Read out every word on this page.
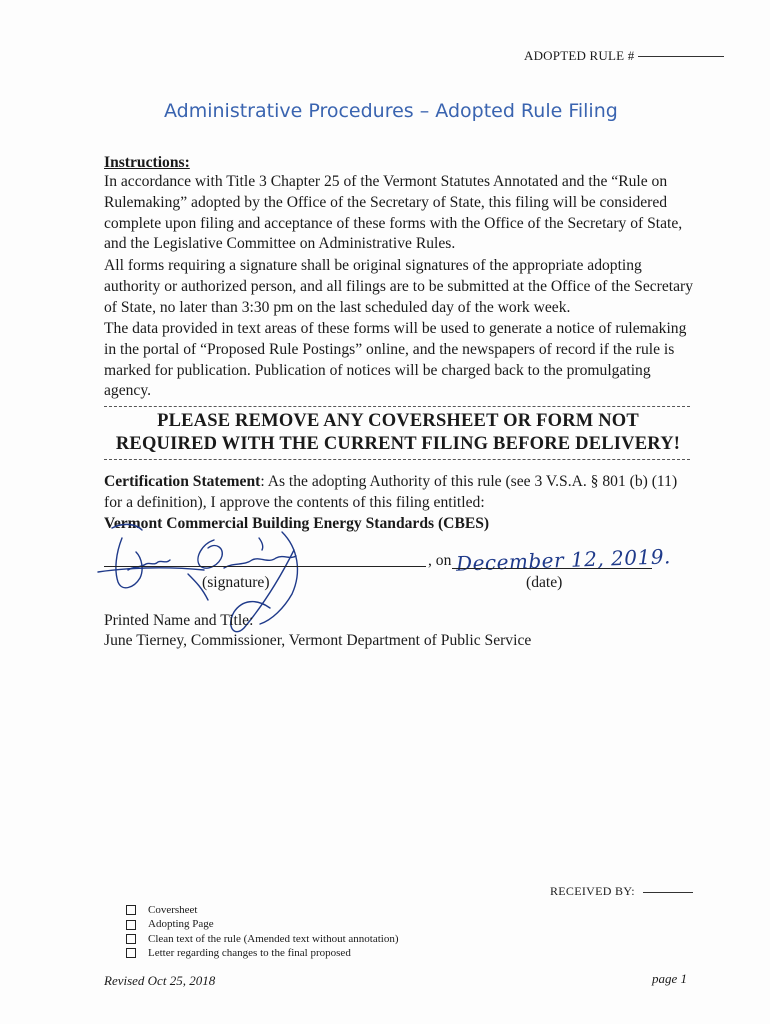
ADOPTED RULE #
Administrative Procedures – Adopted Rule Filing
Instructions:
In accordance with Title 3 Chapter 25 of the Vermont Statutes Annotated and the “Rule on Rulemaking” adopted by the Office of the Secretary of State, this filing will be considered complete upon filing and acceptance of these forms with the Office of the Secretary of State, and the Legislative Committee on Administrative Rules.
All forms requiring a signature shall be original signatures of the appropriate adopting authority or authorized person, and all filings are to be submitted at the Office of the Secretary of State, no later than 3:30 pm on the last scheduled day of the work week.
The data provided in text areas of these forms will be used to generate a notice of rulemaking in the portal of “Proposed Rule Postings” online, and the newspapers of record if the rule is marked for publication. Publication of notices will be charged back to the promulgating agency.
PLEASE REMOVE ANY COVERSHEET OR FORM NOT
REQUIRED WITH THE CURRENT FILING BEFORE DELIVERY!
Certification Statement: As the adopting Authority of this rule (see 3 V.S.A. § 801 (b) (11) for a definition), I approve the contents of this filing entitled:
Vermont Commercial Building Energy Standards (CBES)
, on December 12, 2019.
(signature)	(date)
Printed Name and Title:
June Tierney, Commissioner, Vermont Department of Public Service
RECEIVED BY:
Coversheet
Adopting Page
Clean text of the rule (Amended text without annotation)
Letter regarding changes to the final proposed
Revised Oct 25, 2018	page 1
